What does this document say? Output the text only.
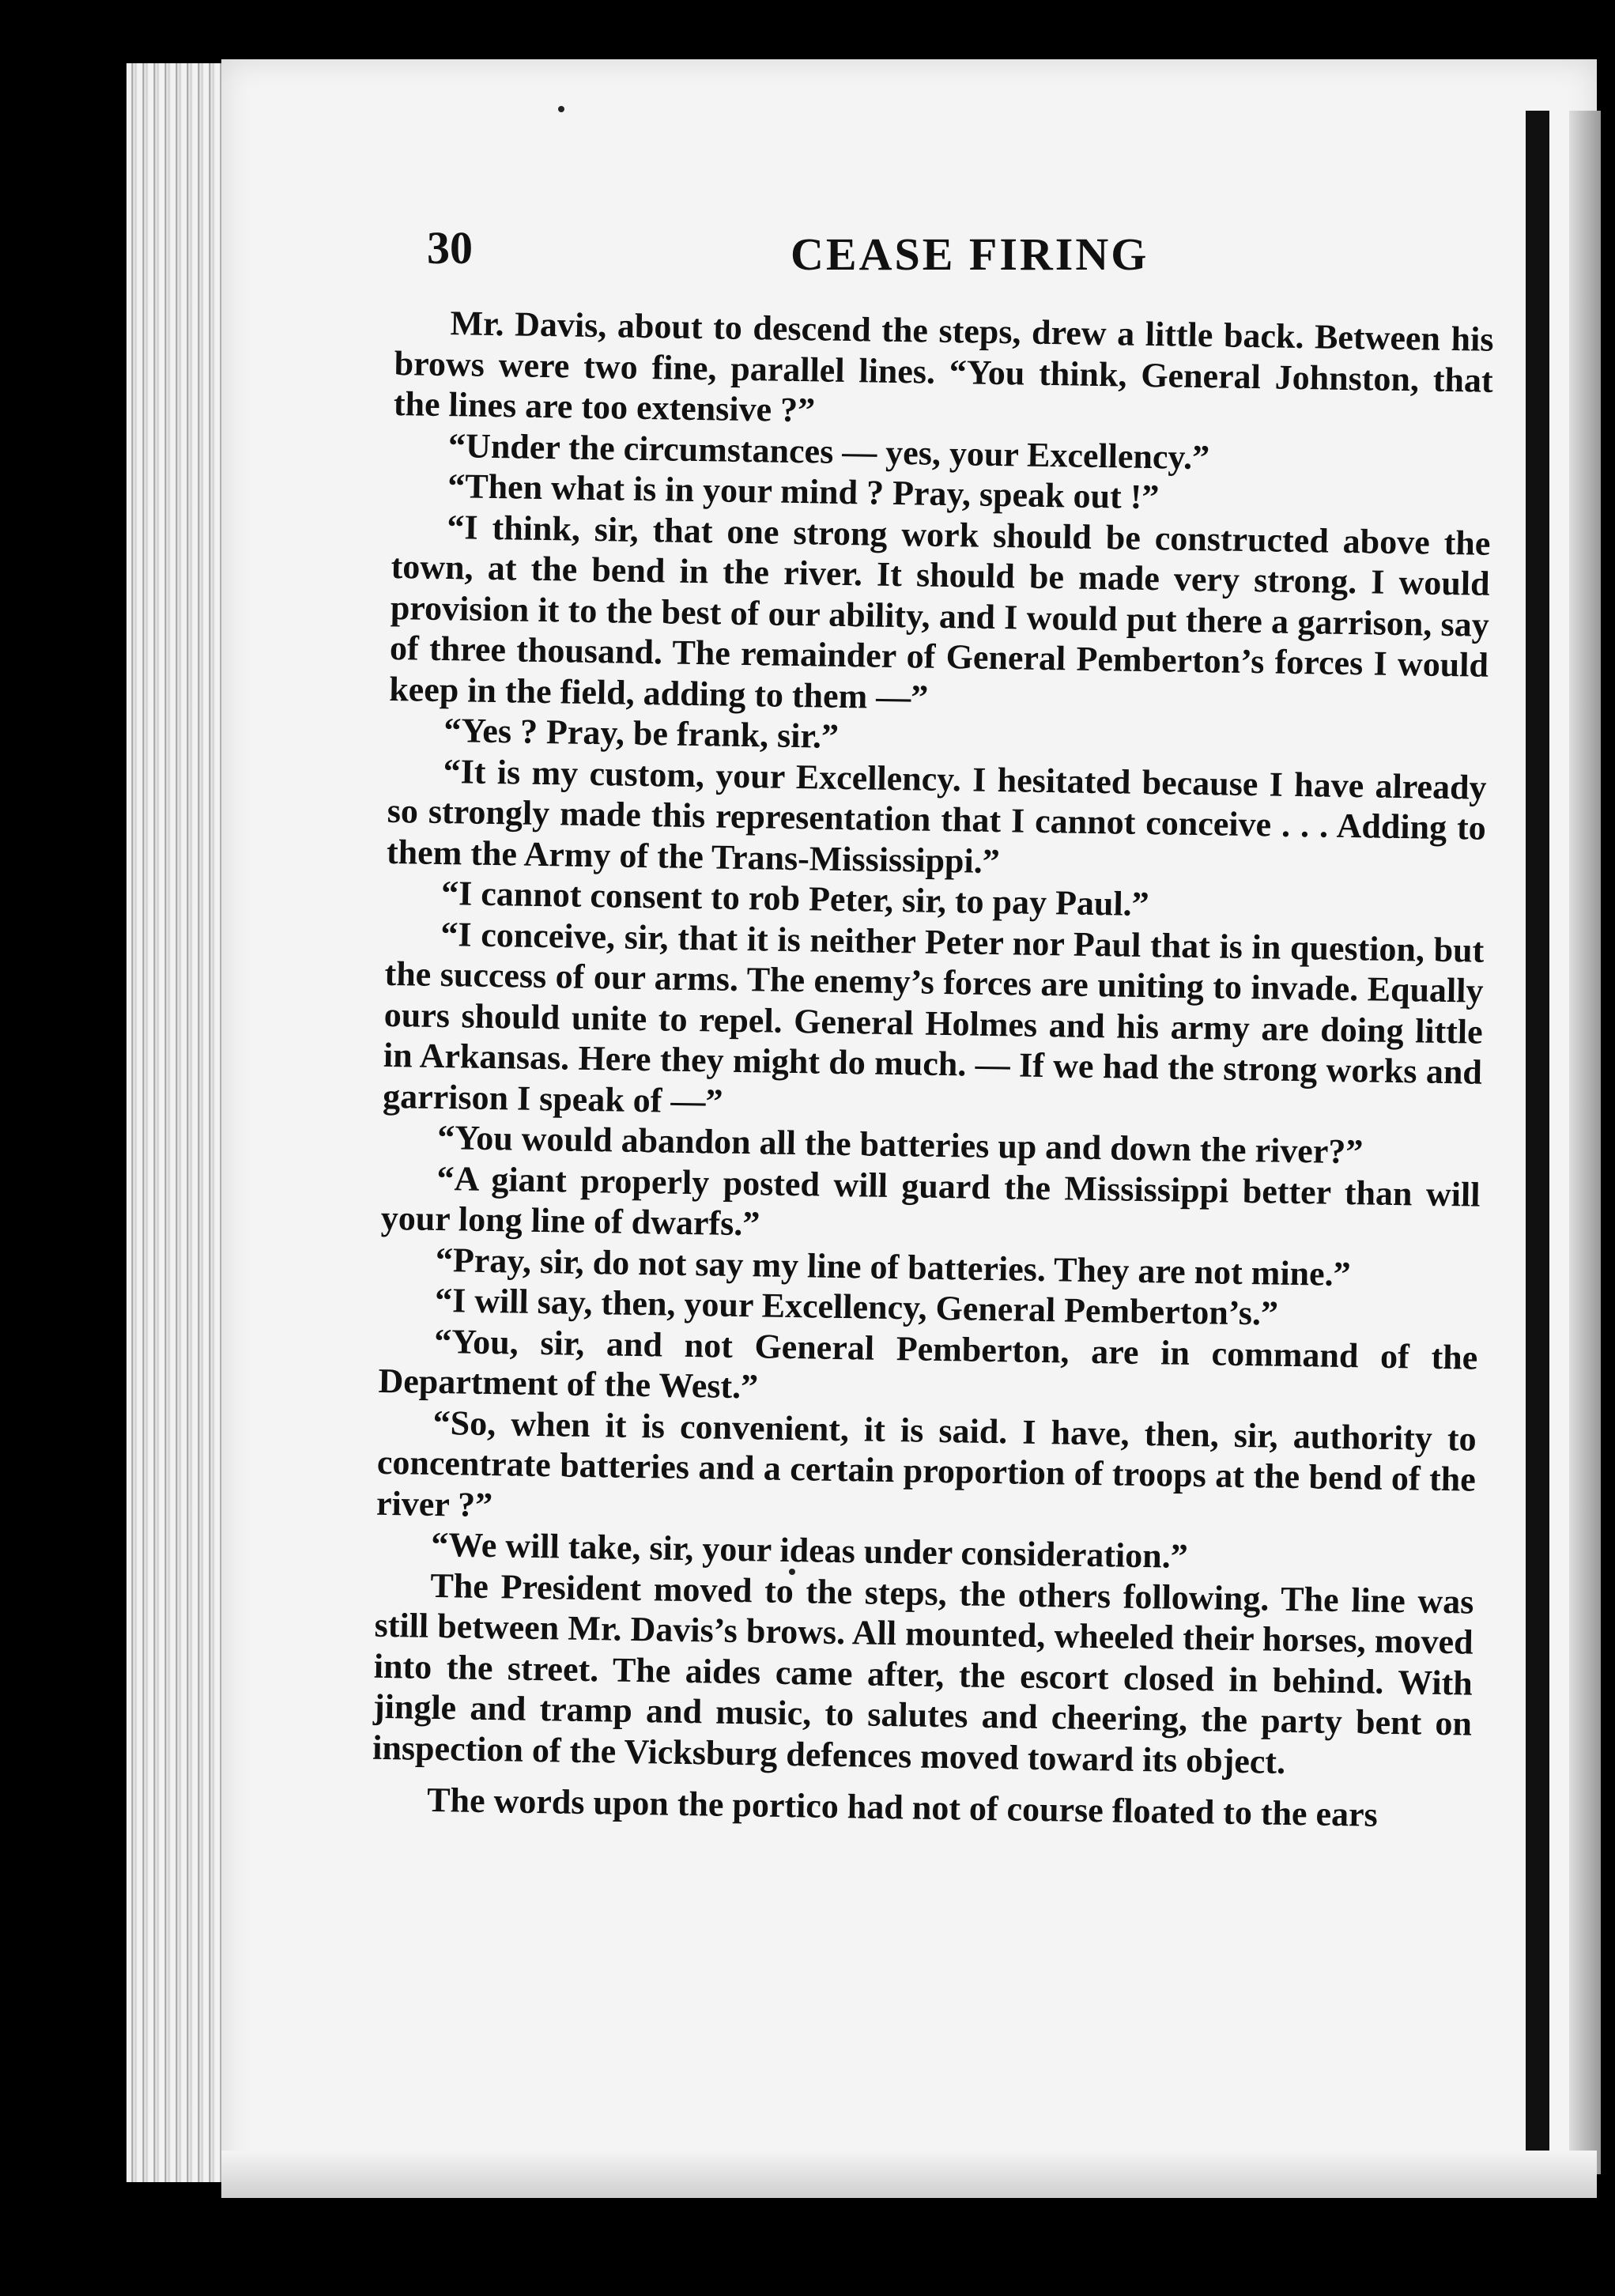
30	CEASE FIRING

Mr. Davis, about to descend the steps, drew a little back. Between his brows were two fine, parallel lines. “You think, General Johnston, that the lines are too extensive ?”

“Under the circumstances — yes, your Excellency.”

“Then what is in your mind ? Pray, speak out !”

“I think, sir, that one strong work should be constructed above the town, at the bend in the river. It should be made very strong. I would provision it to the best of our ability, and I would put there a garrison, say of three thousand. The remainder of General Pemberton’s forces I would keep in the field, adding to them —”

“Yes ? Pray, be frank, sir.”

“It is my custom, your Excellency. I hesitated because I have already so strongly made this representation that I cannot conceive . . . Adding to them the Army of the Trans-Mississippi.”

“I cannot consent to rob Peter, sir, to pay Paul.”

“I conceive, sir, that it is neither Peter nor Paul that is in question, but the success of our arms. The enemy’s forces are uniting to invade. Equally ours should unite to repel. General Holmes and his army are doing little in Arkansas. Here they might do much. — If we had the strong works and garrison I speak of —”

“You would abandon all the batteries up and down the river?”

“A giant properly posted will guard the Mississippi better than will your long line of dwarfs.”

“Pray, sir, do not say my line of batteries. They are not mine.”

“I will say, then, your Excellency, General Pemberton’s.”

“You, sir, and not General Pemberton, are in command of the Department of the West.”

“So, when it is convenient, it is said. I have, then, sir, authority to concentrate batteries and a certain proportion of troops at the bend of the river ?”

“We will take, sir, your ideas under consideration.”

The President moved to the steps, the others following. The line was still between Mr. Davis’s brows. All mounted, wheeled their horses, moved into the street. The aides came after, the escort closed in behind. With jingle and tramp and music, to salutes and cheering, the party bent on inspection of the Vicksburg defences moved toward its object.

The words upon the portico had not of course floated to the ears
